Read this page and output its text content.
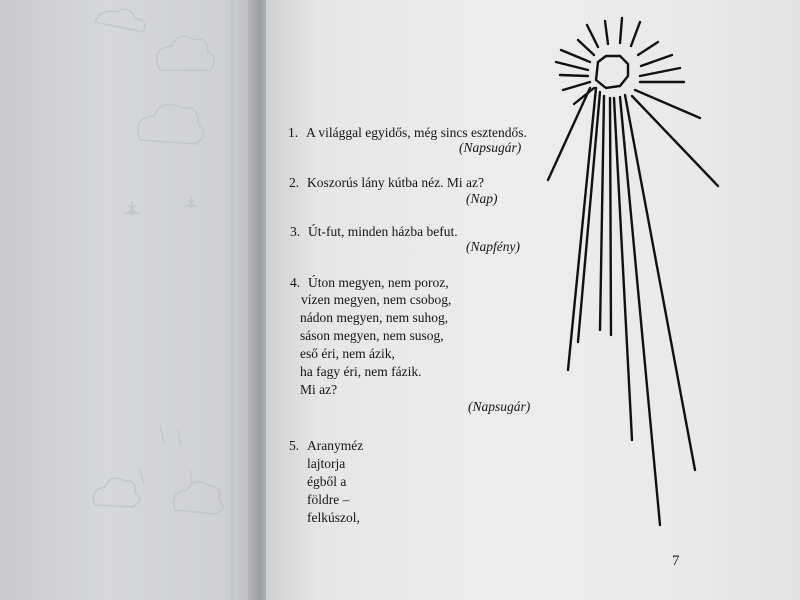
1. A világgal egyidős, még sincs esztendős.
(Napsugár)
2. Koszorús lány kútba néz. Mi az?
(Nap)
3. Út-fut, minden házba befut.
(Napfény)
4. Úton megyen, nem poroz,
vízen megyen, nem csobog,
nádon megyen, nem suhog,
sáson megyen, nem susog,
eső éri, nem ázik,
ha fagy éri, nem fázik.
Mi az?
(Napsugár)
5. Aranyméz
lajtorja
égből a
földre –
felkúszol,
7
